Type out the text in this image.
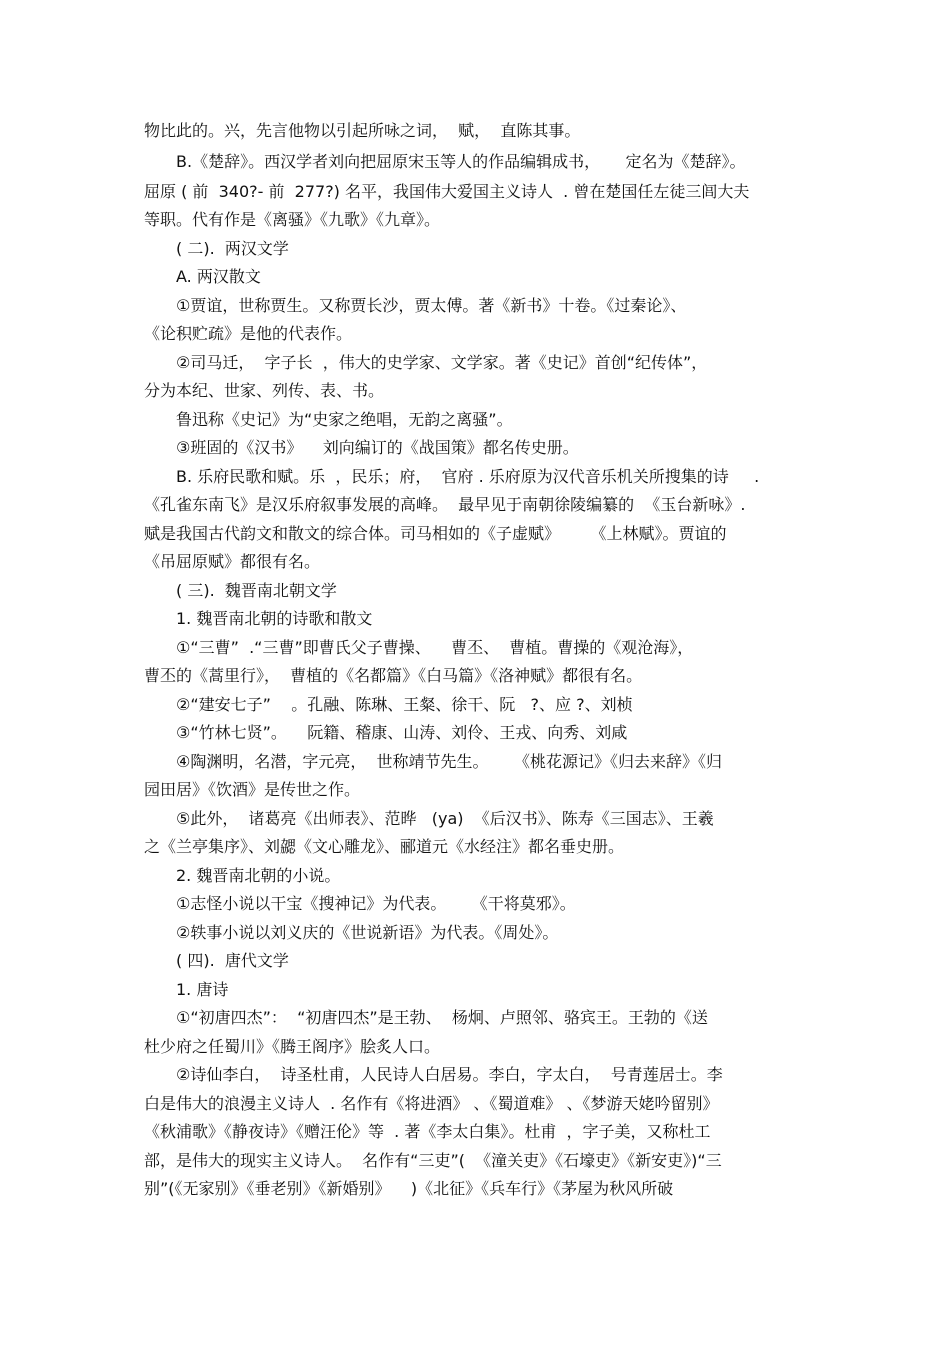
物比此的。兴，先言他物以引起所咏之词，  赋，  直陈其事。
B.《楚辞》。西汉学者刘向把屈原宋玉等人的作品编辑成书，     定名为《楚辞》。
屈原 ( 前  340?- 前  277?) 名平，我国伟大爱国主义诗人  . 曾在楚国任左徒三闾大夫
等职。代有作是《离骚》《九歌》《九章》。
( 二).  两汉文学
A. 两汉散文
①贾谊，世称贾生。又称贾长沙，贾太傅。著《新书》十卷。《过秦论》、
《论积贮疏》是他的代表作。
②司马迁，  字子长  ，伟大的史学家、文学家。著《史记》首创“纪传体”，
分为本纪、世家、列传、表、书。
鲁迅称《史记》为“史家之绝唱，无韵之离骚”。
③班固的《汉书》    刘向编订的《战国策》都名传史册。
B. 乐府民歌和赋。乐  ，民乐；府，  官府 . 乐府原为汉代音乐机关所搜集的诗     .
《孔雀东南飞》是汉乐府叙事发展的高峰。  最早见于南朝徐陵编纂的  《玉台新咏》.
赋是我国古代韵文和散文的综合体。司马相如的《子虚赋》      《上林赋》。贾谊的
《吊屈原赋》都很有名。
( 三).  魏晋南北朝文学
1. 魏晋南北朝的诗歌和散文
①“三曹”  .“三曹”即曹氏父子曹操、    曹丕、  曹植。曹操的《观沧海》，
曹丕的《蒿里行》，  曹植的《名都篇》《白马篇》《洛神赋》都很有名。
②“建安七子”    。孔融、陈琳、王粲、徐干、阮   ?、应 ?、刘桢
③“竹林七贤”。    阮籍、稽康、山涛、刘伶、王戎、向秀、刘咸
④陶渊明，名潜，字元亮，  世称靖节先生。     《桃花源记》《归去来辞》《归
园田居》《饮酒》是传世之作。
⑤此外，  诸葛亮《出师表》、范晔   (ya)  《后汉书》、陈寿《三国志》、王羲
之《兰亭集序》、刘勰《文心雕龙》、郦道元《水经注》都名垂史册。
2. 魏晋南北朝的小说。
①志怪小说以干宝《搜神记》为代表。     《干将莫邪》。
②轶事小说以刘义庆的《世说新语》为代表。《周处》。
( 四).  唐代文学
1. 唐诗
①“初唐四杰”：  “初唐四杰”是王勃、  杨炯、卢照邻、骆宾王。王勃的《送
杜少府之任蜀川》《腾王阁序》脍炙人口。
②诗仙李白，  诗圣杜甫，人民诗人白居易。李白，字太白，  号青莲居士。李
白是伟大的浪漫主义诗人  . 名作有《将进酒》 、《蜀道难》 、《梦游天姥吟留别》
《秋浦歌》《静夜诗》《赠汪伦》等  . 著《李太白集》。杜甫  ，字子美，又称杜工
部，是伟大的现实主义诗人。  名作有“三吏”(  《潼关吏》《石壕吏》《新安吏》)“三
别”(《无家别》《垂老别》《新婚别》    )《北征》《兵车行》《茅屋为秋风所破
